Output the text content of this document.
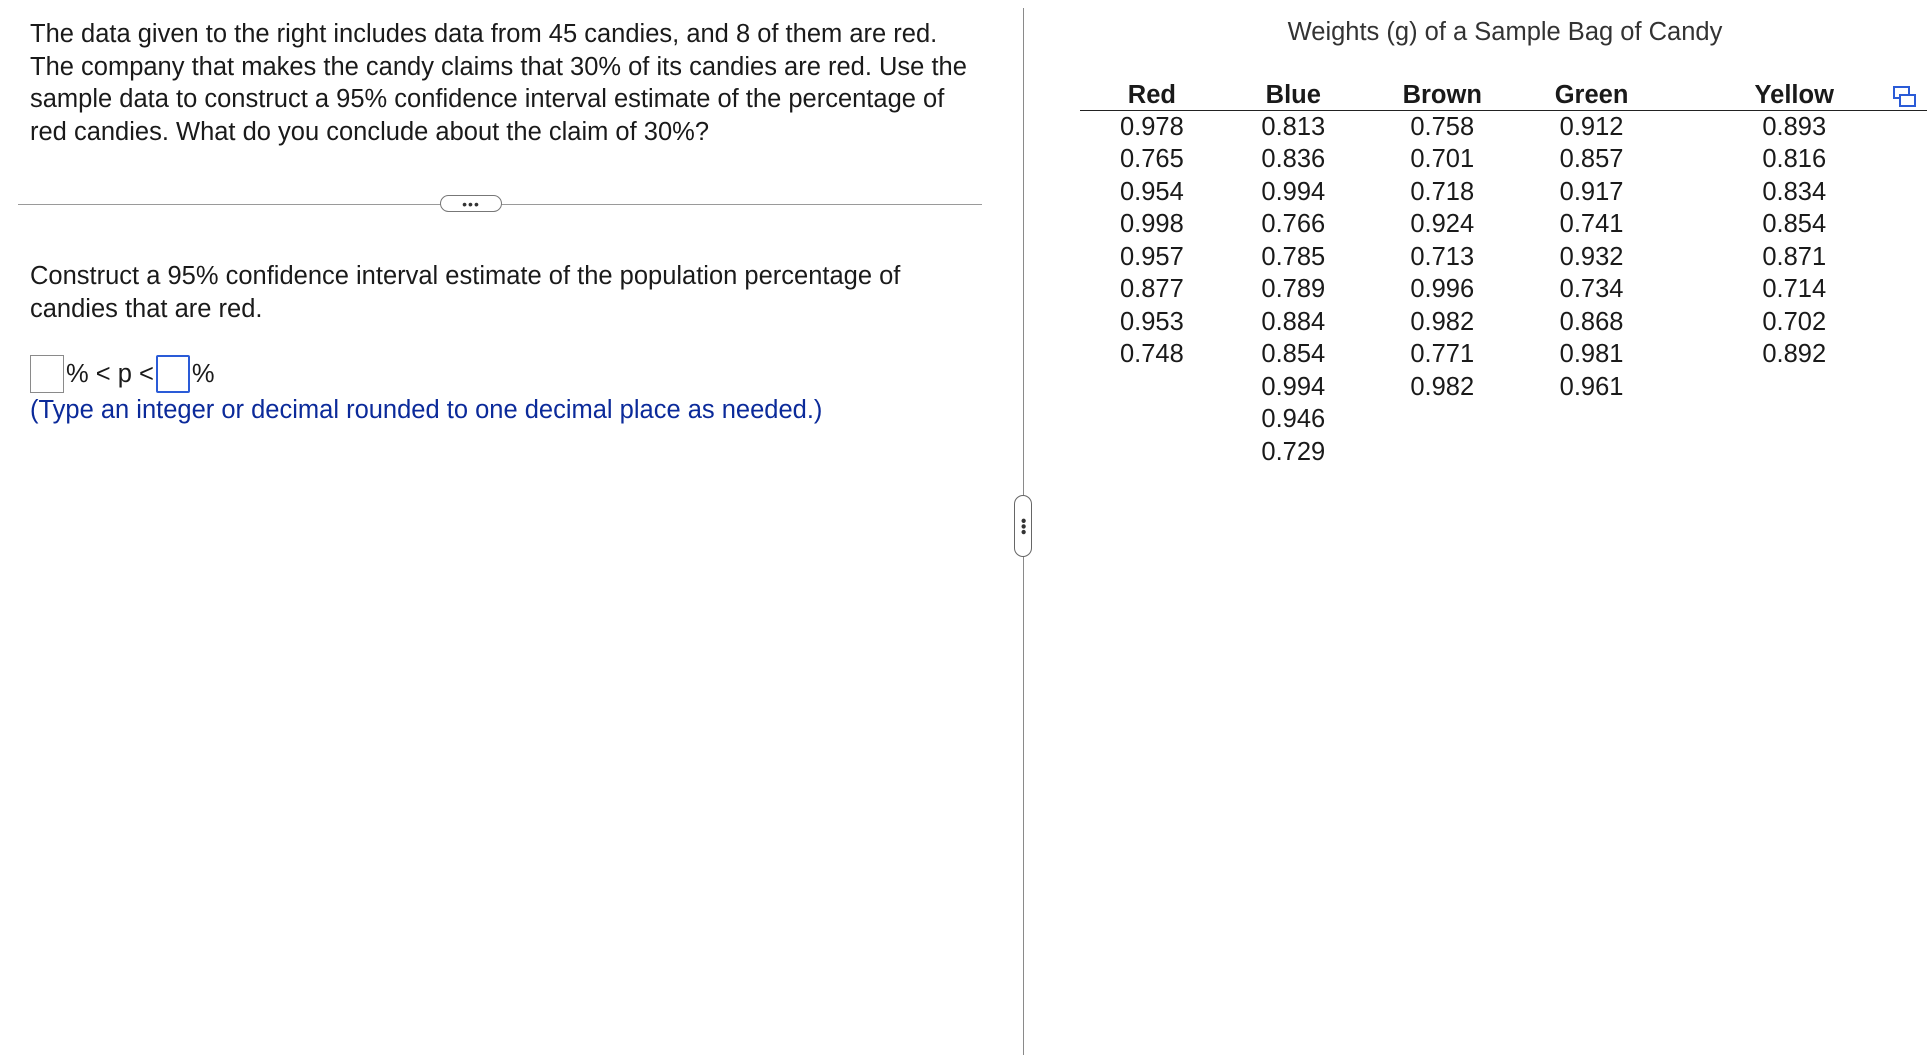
The data given to the right includes data from 45 candies, and 8 of them are red. The company that makes the candy claims that 30% of its candies are red. Use the sample data to construct a 95% confidence interval estimate of the percentage of red candies. What do you conclude about the claim of 30%?
•••
Construct a 95% confidence interval estimate of the population percentage of candies that are red.
% < p < %
(Type an integer or decimal rounded to one decimal place as needed.)
•••
Weights (g) of a Sample Bag of Candy
Red	Blue	Brown	Green	Yellow
0.978	0.813	0.758	0.912	0.893
0.765	0.836	0.701	0.857	0.816
0.954	0.994	0.718	0.917	0.834
0.998	0.766	0.924	0.741	0.854
0.957	0.785	0.713	0.932	0.871
0.877	0.789	0.996	0.734	0.714
0.953	0.884	0.982	0.868	0.702
0.748	0.854	0.771	0.981	0.892
	0.994	0.982	0.961	
	0.946			
	0.729			
